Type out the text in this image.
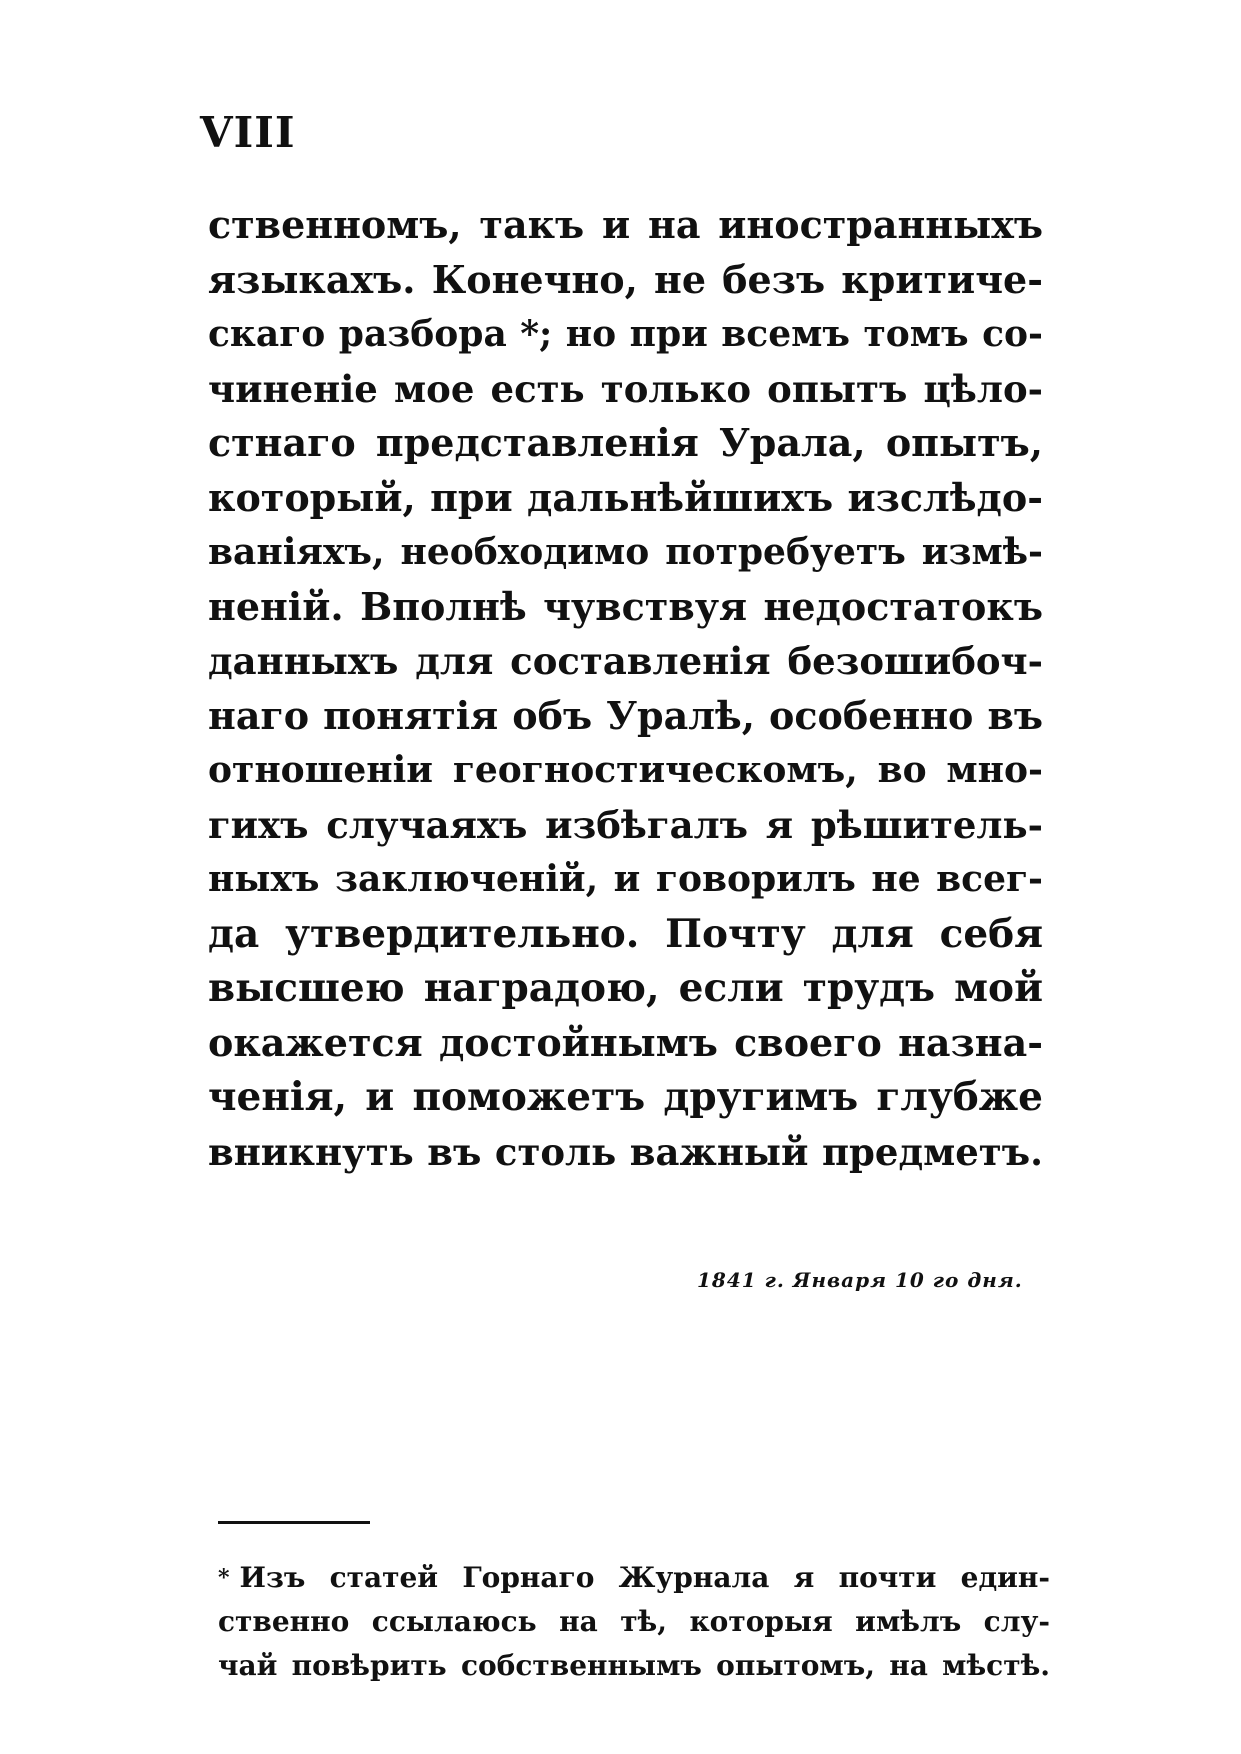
VIII
ственномъ, такъ и на иностранныхъ
языкахъ. Конечно, не безъ критиче-
скаго разбора *; но при всемъ томъ со-
чиненіе мое есть только опытъ цѣло-
стнаго представленія Урала, опытъ,
который, при дальнѣйшихъ изслѣдо-
ваніяхъ, необходимо потребуетъ измѣ-
неній. Вполнѣ чувствуя недостатокъ
данныхъ для составленія безошибоч-
наго понятія объ Уралѣ, особенно въ
отношеніи геогностическомъ, во мно-
гихъ случаяхъ избѣгалъ я рѣшитель-
ныхъ заключеній, и говорилъ не всег-
да утвердительно. Почту для себя
высшею наградою, если трудъ мой
окажется достойнымъ своего назна-
ченія, и поможетъ другимъ глубже
вникнуть въ столь важный предметъ.
1841 г. Января 10 го дня.
* Изъ статей Горнаго Журнала я почти един-
ственно ссылаюсь на тѣ, которыя имѣлъ слу-
чай повѣрить собственнымъ опытомъ, на мѣстѣ.
